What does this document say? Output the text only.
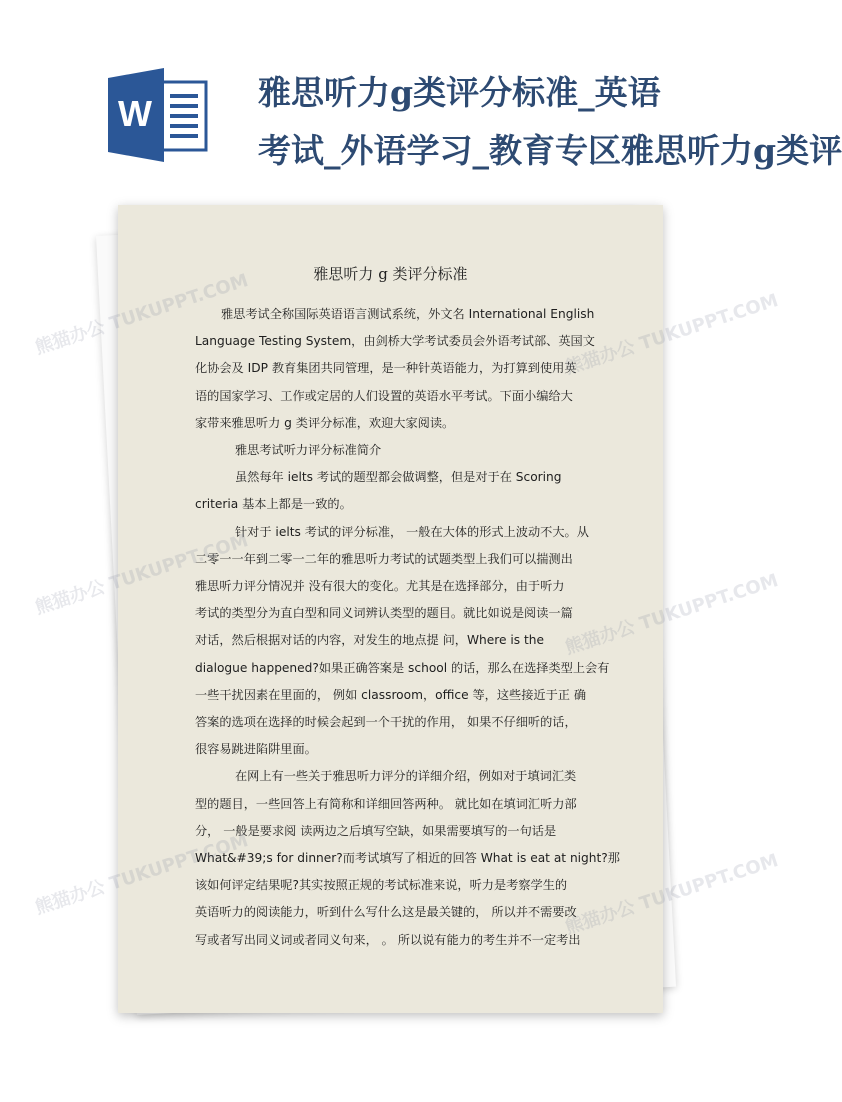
W
雅思听力g类评分标准_英语
考试_外语学习_教育专区雅思听力g类评
雅思听力 g 类评分标准
雅思考试全称国际英语语言测试系统，外文名 International English
Language Testing System，由剑桥大学考试委员会外语考试部、英国文
化协会及 IDP 教育集团共同管理，是一种针英语能力，为打算到使用英
语的国家学习、工作或定居的人们设置的英语水平考试。下面小编给大
家带来雅思听力 g 类评分标准，欢迎大家阅读。
雅思考试听力评分标准简介
虽然每年 ielts 考试的题型都会做调整，但是对于在 Scoring
criteria 基本上都是一致的。
针对于 ielts 考试的评分标准， 一般在大体的形式上波动不大。从
二零一一年到二零一二年的雅思听力考试的试题类型上我们可以揣测出
雅思听力评分情况并 没有很大的变化。尤其是在选择部分，由于听力
考试的类型分为直白型和同义词辨认类型的题目。就比如说是阅读一篇
对话，然后根据对话的内容，对发生的地点提 问，Where is the
dialogue happened?如果正确答案是 school 的话，那么在选择类型上会有
一些干扰因素在里面的， 例如 classroom，office 等，这些接近于正 确
答案的选项在选择的时候会起到一个干扰的作用， 如果不仔细听的话，
很容易跳进陷阱里面。
在网上有一些关于雅思听力评分的详细介绍，例如对于填词汇类
型的题目，一些回答上有简称和详细回答两种。 就比如在填词汇听力部
分， 一般是要求阅 读两边之后填写空缺，如果需要填写的一句话是
What&#39;s for dinner?而考试填写了相近的回答 What is eat at night?那
该如何评定结果呢?其实按照正规的考试标准来说，听力是考察学生的
英语听力的阅读能力，听到什么写什么这是最关键的， 所以并不需要改
写或者写出同义词或者同义句来， 。 所以说有能力的考生并不一定考出
熊猫办公	熊猫办公 TUKUPPT.COM
熊猫办公	熊猫办公 TUKUPPT.COM
熊猫办公	熊猫办公 TUKUPPT.COM
